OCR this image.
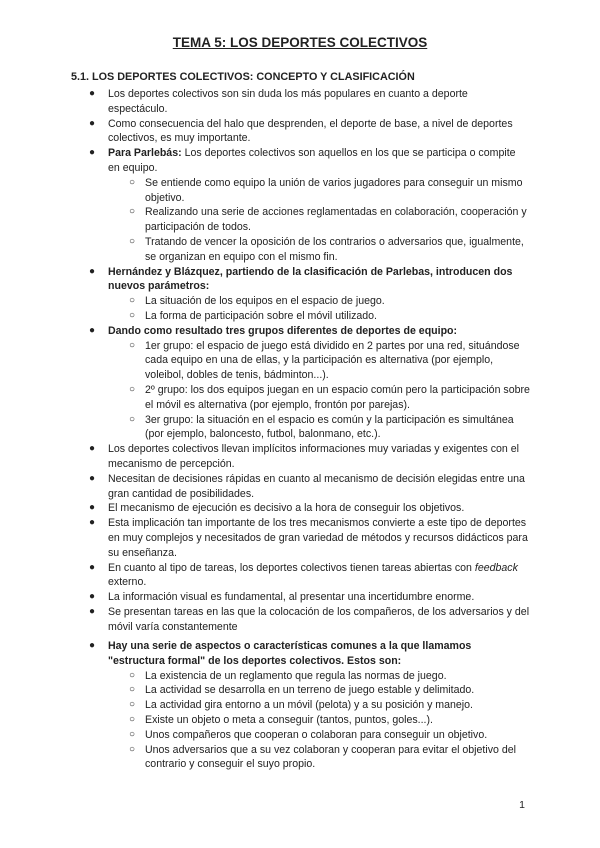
TEMA 5: LOS DEPORTES COLECTIVOS
5.1. LOS DEPORTES COLECTIVOS: CONCEPTO Y CLASIFICACIÓN
● Los deportes colectivos son sin duda los más populares en cuanto a deporte espectáculo.
● Como consecuencia del halo que desprenden, el deporte de base, a nivel de deportes colectivos, es muy importante.
● Para Parlebás: Los deportes colectivos son aquellos en los que se participa o compite en equipo.
○ Se entiende como equipo la unión de varios jugadores para conseguir un mismo objetivo.
○ Realizando una serie de acciones reglamentadas en colaboración, cooperación y participación de todos.
○ Tratando de vencer la oposición de los contrarios o adversarios que, igualmente, se organizan en equipo con el mismo fin.
● Hernández y Blázquez, partiendo de la clasificación de Parlebas, introducen dos nuevos parámetros:
○ La situación de los equipos en el espacio de juego.
○ La forma de participación sobre el móvil utilizado.
● Dando como resultado tres grupos diferentes de deportes de equipo:
○ 1er grupo: el espacio de juego está dividido en 2 partes por una red, situándose cada equipo en una de ellas, y la participación es alternativa (por ejemplo, voleibol, dobles de tenis, bádminton...).
○ 2º grupo: los dos equipos juegan en un espacio común pero la participación sobre el móvil es alternativa (por ejemplo, frontón por parejas).
○ 3er grupo: la situación en el espacio es común y la participación es simultánea (por ejemplo, baloncesto, futbol, balonmano, etc.).
● Los deportes colectivos llevan implícitos informaciones muy variadas y exigentes con el mecanismo de percepción.
● Necesitan de decisiones rápidas en cuanto al mecanismo de decisión elegidas entre una gran cantidad de posibilidades.
● El mecanismo de ejecución es decisivo a la hora de conseguir los objetivos.
● Esta implicación tan importante de los tres mecanismos convierte a este tipo de deportes en muy complejos y necesitados de gran variedad de métodos y recursos didácticos para su enseñanza.
● En cuanto al tipo de tareas, los deportes colectivos tienen tareas abiertas con feedback externo.
● La información visual es fundamental, al presentar una incertidumbre enorme.
● Se presentan tareas en las que la colocación de los compañeros, de los adversarios y del móvil varía constantemente
● Hay una serie de aspectos o características comunes a la que llamamos "estructura formal" de los deportes colectivos. Estos son:
○ La existencia de un reglamento que regula las normas de juego.
○ La actividad se desarrolla en un terreno de juego estable y delimitado.
○ La actividad gira entorno a un móvil (pelota) y a su posición y manejo.
○ Existe un objeto o meta a conseguir (tantos, puntos, goles...).
○ Unos compañeros que cooperan o colaboran para conseguir un objetivo.
○ Unos adversarios que a su vez colaboran y cooperan para evitar el objetivo del contrario y conseguir el suyo propio.
1
